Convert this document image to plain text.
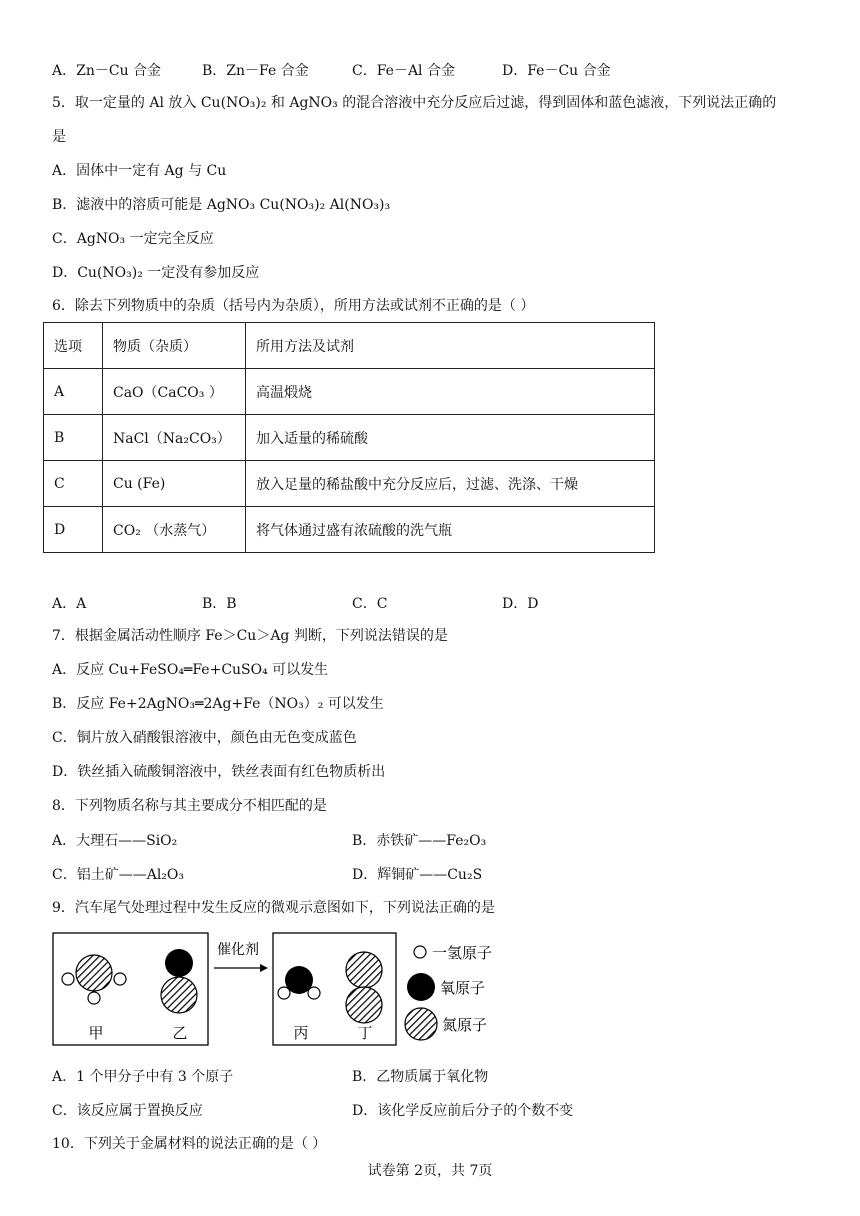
A．Zn－Cu 合金	B．Zn－Fe 合金	C．Fe－Al 合金	D．Fe－Cu 合金
5．取一定量的 Al 放入 Cu(NO₃)₂ 和 AgNO₃ 的混合溶液中充分反应后过滤，得到固体和蓝色滤液，下列说法正确的
是
A．固体中一定有 Ag 与 Cu
B．滤液中的溶质可能是 AgNO₃ Cu(NO₃)₂ Al(NO₃)₃
C．AgNO₃ 一定完全反应
D．Cu(NO₃)₂ 一定没有参加反应
6．除去下列物质中的杂质（括号内为杂质），所用方法或试剂不正确的是（ ）
选项	物质（杂质）	所用方法及试剂
A	CaO（CaCO₃ ）	高温煅烧
B	NaCl（Na₂CO₃）	加入适量的稀硫酸
C	Cu (Fe)	放入足量的稀盐酸中充分反应后，过滤、洗涤、干燥
D	CO₂ （水蒸气）	将气体通过盛有浓硫酸的洗气瓶
A．A	B．B	C．C	D．D
7．根据金属活动性顺序 Fe＞Cu＞Ag 判断，下列说法错误的是
A．反应 Cu+FeSO₄═Fe+CuSO₄ 可以发生
B．反应 Fe+2AgNO₃═2Ag+Fe（NO₃）₂ 可以发生
C．铜片放入硝酸银溶液中，颜色由无色变成蓝色
D．铁丝插入硫酸铜溶液中，铁丝表面有红色物质析出
8．下列物质名称与其主要成分不相匹配的是
A．大理石——SiO₂	B．赤铁矿——Fe₂O₃
C．铝土矿——Al₂O₃	D．辉铜矿——Cu₂S
9．汽车尾气处理过程中发生反应的微观示意图如下，下列说法正确的是
甲	乙
催化剂
丙	丁
一氢原子
氧原子
氮原子
A．1 个甲分子中有 3 个原子	B．乙物质属于氧化物
C．该反应属于置换反应	D．该化学反应前后分子的个数不变
10．下列关于金属材料的说法正确的是（ ）
试卷第 2页，共 7页
